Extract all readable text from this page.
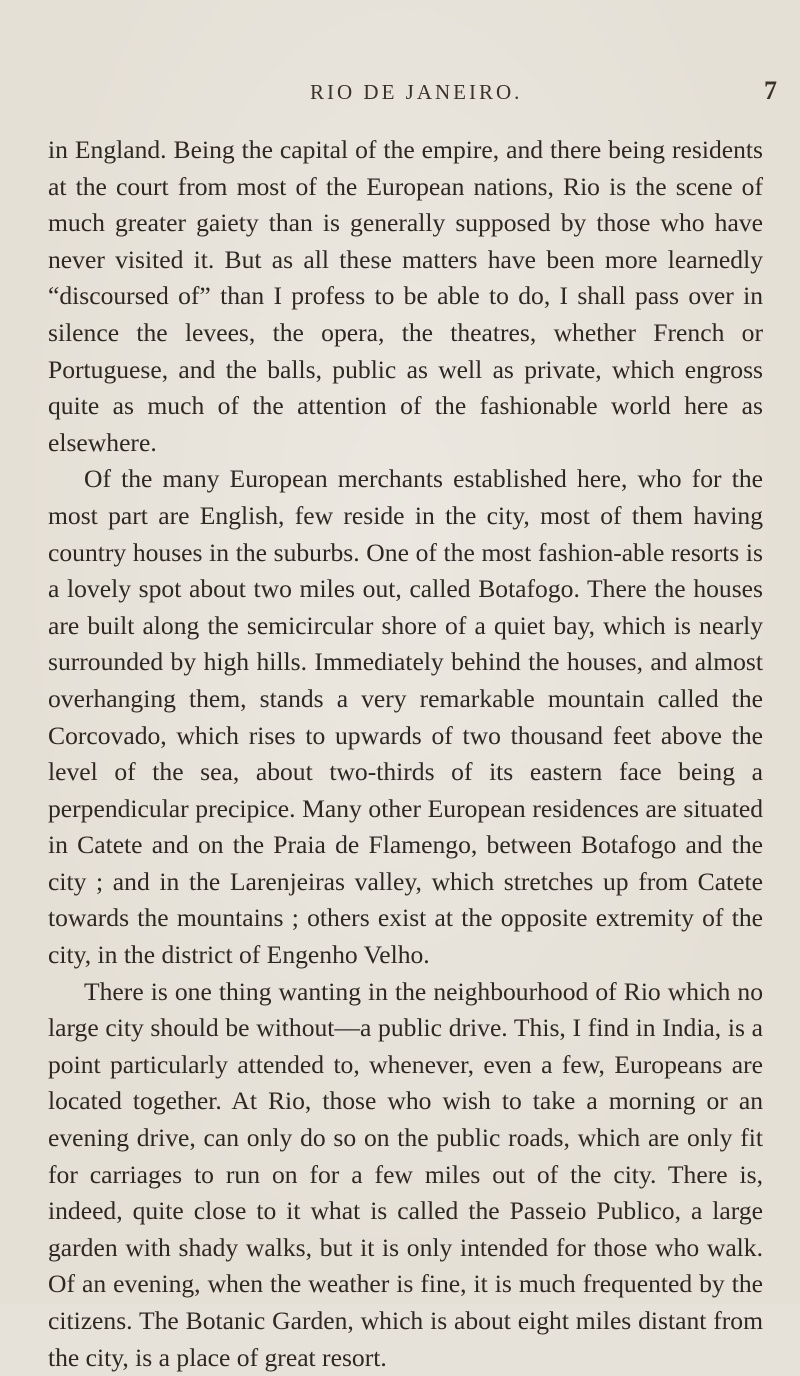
RIO DE JANEIRO.	7

in England. Being the capital of the empire, and there being residents at the court from most of the European nations, Rio is the scene of much greater gaiety than is generally supposed by those who have never visited it. But as all these matters have been more learnedly “discoursed of” than I profess to be able to do, I shall pass over in silence the levees, the opera, the theatres, whether French or Portuguese, and the balls, public as well as private, which engross quite as much of the attention of the fashionable world here as elsewhere.

Of the many European merchants established here, who for the most part are English, few reside in the city, most of them having country houses in the suburbs. One of the most fashion-able resorts is a lovely spot about two miles out, called Botafogo. There the houses are built along the semicircular shore of a quiet bay, which is nearly surrounded by high hills. Immediately behind the houses, and almost overhanging them, stands a very remarkable mountain called the Corcovado, which rises to upwards of two thousand feet above the level of the sea, about two-thirds of its eastern face being a perpendicular precipice. Many other European residences are situated in Catete and on the Praia de Flamengo, between Botafogo and the city ; and in the Larenjeiras valley, which stretches up from Catete towards the mountains ; others exist at the opposite extremity of the city, in the district of Engenho Velho.

There is one thing wanting in the neighbourhood of Rio which no large city should be without—a public drive. This, I find in India, is a point particularly attended to, whenever, even a few, Europeans are located together. At Rio, those who wish to take a morning or an evening drive, can only do so on the public roads, which are only fit for carriages to run on for a few miles out of the city. There is, indeed, quite close to it what is called the Passeio Publico, a large garden with shady walks, but it is only intended for those who walk. Of an evening, when the weather is fine, it is much frequented by the citizens. The Botanic Garden, which is about eight miles distant from the city, is a place of great resort.
